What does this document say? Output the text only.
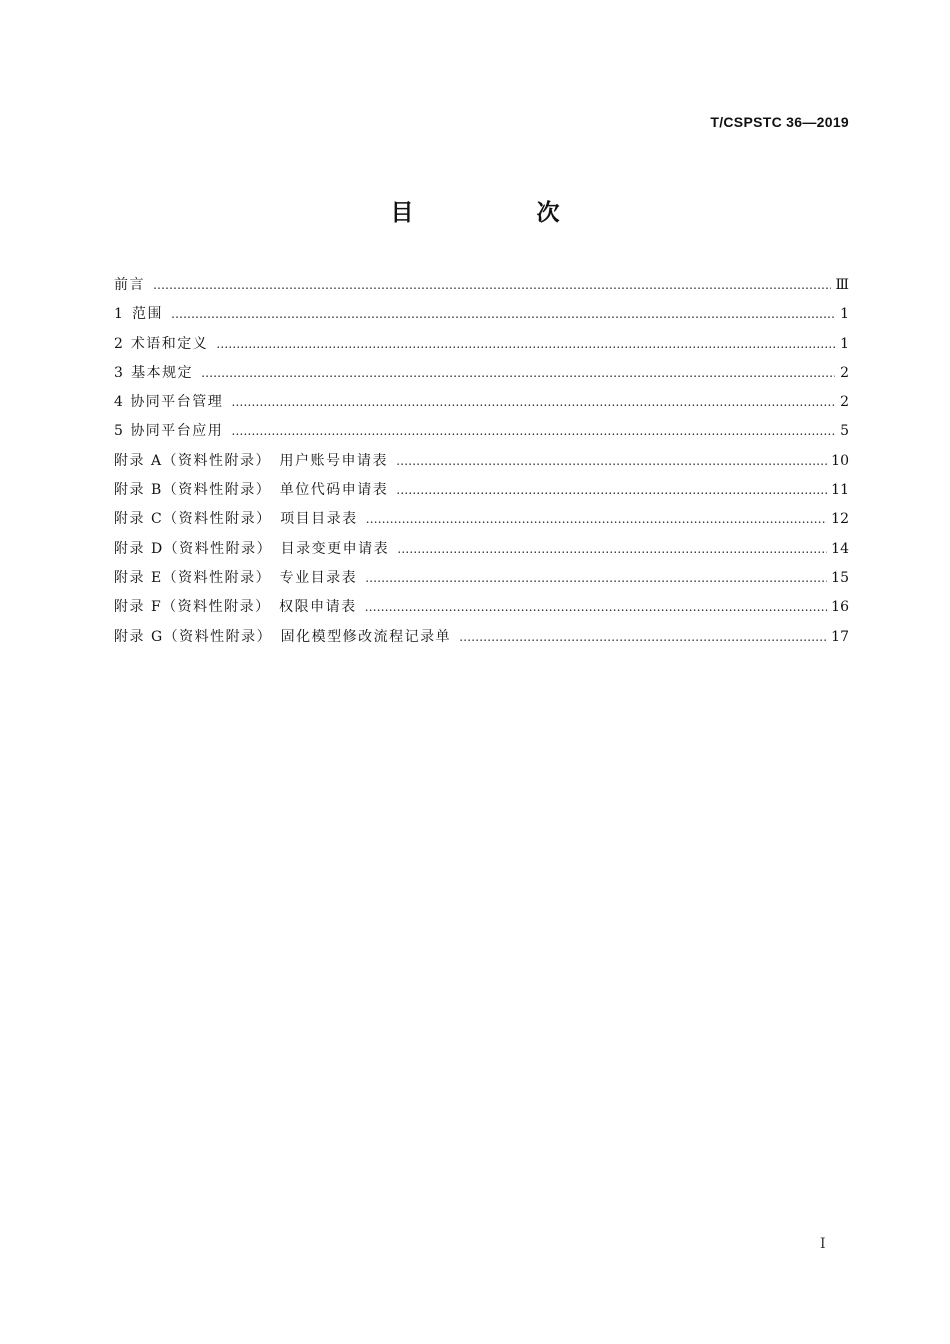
T/CSPSTC 36—2019
目　次
前言 ……………………………………………………………………………………………………………………………………………………………………………………………………	Ⅲ
1 范围 ……………………………………………………………………………………………………………………………………………………………………………………………………	1
2 术语和定义 ……………………………………………………………………………………………………………………………………………………………………………………………………	1
3 基本规定 ……………………………………………………………………………………………………………………………………………………………………………………………………	2
4 协同平台管理 ……………………………………………………………………………………………………………………………………………………………………………………………………	2
5 协同平台应用 ……………………………………………………………………………………………………………………………………………………………………………………………………	5
附录 A（资料性附录）　用户账号申请表 ……………………………………………………………………………………………………………………………………………………………………………………………………	10
附录 B（资料性附录）　单位代码申请表 ……………………………………………………………………………………………………………………………………………………………………………………………………	11
附录 C（资料性附录）　项目目录表 ……………………………………………………………………………………………………………………………………………………………………………………………………	12
附录 D（资料性附录）　目录变更申请表 ……………………………………………………………………………………………………………………………………………………………………………………………………	14
附录 E（资料性附录）　专业目录表 ……………………………………………………………………………………………………………………………………………………………………………………………………	15
附录 F（资料性附录）　权限申请表 ……………………………………………………………………………………………………………………………………………………………………………………………………	16
附录 G（资料性附录）　固化模型修改流程记录单 ……………………………………………………………………………………………………………………………………………………………………………………………………	17
I
